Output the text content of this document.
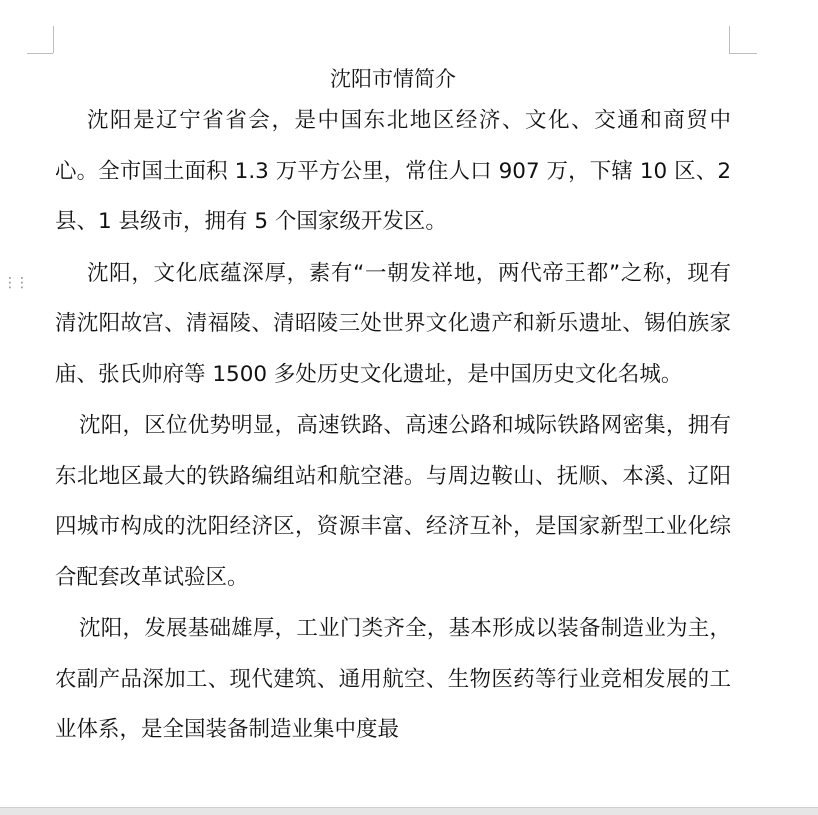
⋮⋮
沈阳市情简介

沈阳是辽宁省省会，是中国东北地区经济、文化、交通和商贸中心。全市国土面积 1.3 万平方公里，常住人口 907 万，下辖 10 区、2 县、1 县级市，拥有 5 个国家级开发区。

沈阳，文化底蕴深厚，素有“一朝发祥地，两代帝王都”之称，现有清沈阳故宫、清福陵、清昭陵三处世界文化遗产和新乐遗址、锡伯族家庙、张氏帅府等 1500 多处历史文化遗址，是中国历史文化名城。

沈阳，区位优势明显，高速铁路、高速公路和城际铁路网密集，拥有东北地区最大的铁路编组站和航空港。与周边鞍山、抚顺、本溪、辽阳四城市构成的沈阳经济区，资源丰富、经济互补，是国家新型工业化综合配套改革试验区。

沈阳，发展基础雄厚，工业门类齐全，基本形成以装备制造业为主，农副产品深加工、现代建筑、通用航空、生物医药等行业竞相发展的工业体系，是全国装备制造业集中度最
